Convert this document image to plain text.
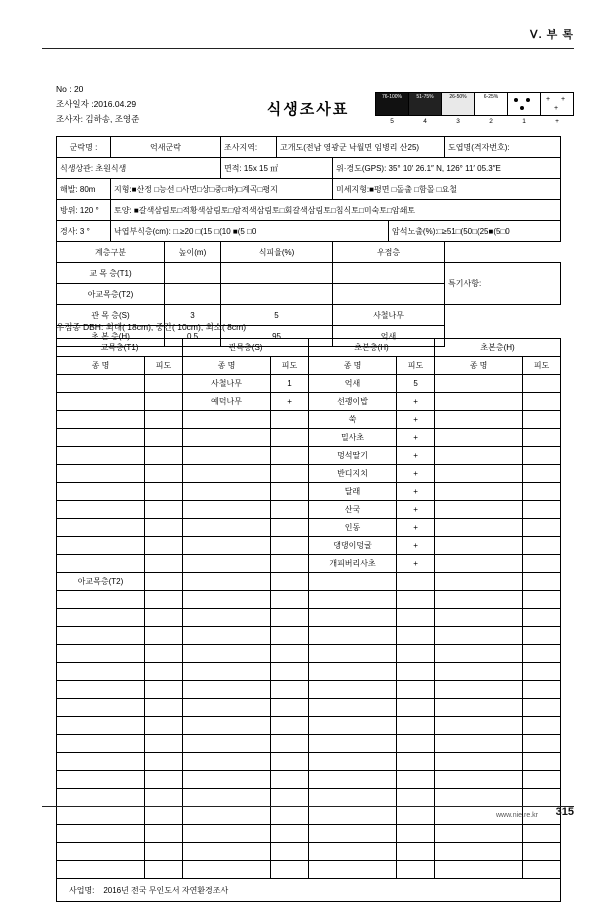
Ⅴ. 부 록
No : 20
조사일자 :2016.04.29
조사자: 김하송, 조영준
식생조사표
76-100%
5
51-75%
4
26-50%
3
6-25%
2	1
+ +
+
+
군락명 :	억새군락		조사지역:	고개도(전남 영광군 낙월면 임병리 산25)			도엽명(격자번호):
식생상관: 초원식생			면적: 15x 15 ㎡		위·경도(GPS): 35° 10′ 26.1″ N, 126° 11′ 05.3″E		
해발: 80m	지형:■산정 □능선 □사면□상□중□하)□계곡□평지				미세지형:■평면 □돌출 □함몰 □요철		
방위: 120 °	토양: ■갈색삼림토□적황색삼림토□암적색삼림토□회갈색삼림토□침식토□미숙토□암쇄토						
경사: 3 °	낙엽부식층(cm): □.≥20 □(15 □(10 ■(5 □0					암석노출(%):□≥51□(50□(25■(5□0	
계층구분		높이(m)	식피율(%)		우점층		
교 목 층(T1)							특기사항:
아교목층(T2)							
관 목 층(S)		3	5		사철나무		
초 본 층(H)		0.5	95		억새		
우점종 DBH: 최대( 18cm), 중간( 10cm), 최소( 8cm)
교목층(T1)		관목층(S)		초본층(H)		초본층(H)	
종 명	피도	종 명	피도	종 명	피도	종 명	피도
		사철나무	1	억새	5		
		예덕나무	+	선괭이밥	+		
				쑥	+		
				밀사초	+		
				멍석딸기	+		
				반디지치	+		
				달래	+		
				산국	+		
				인동	+		
				댕댕이덩굴	+		
				개피버리사초	+		
아교목층(T2)							

사업명: 2016년 전국 무인도서 자연환경조사							
www.nie.re.kr 315
